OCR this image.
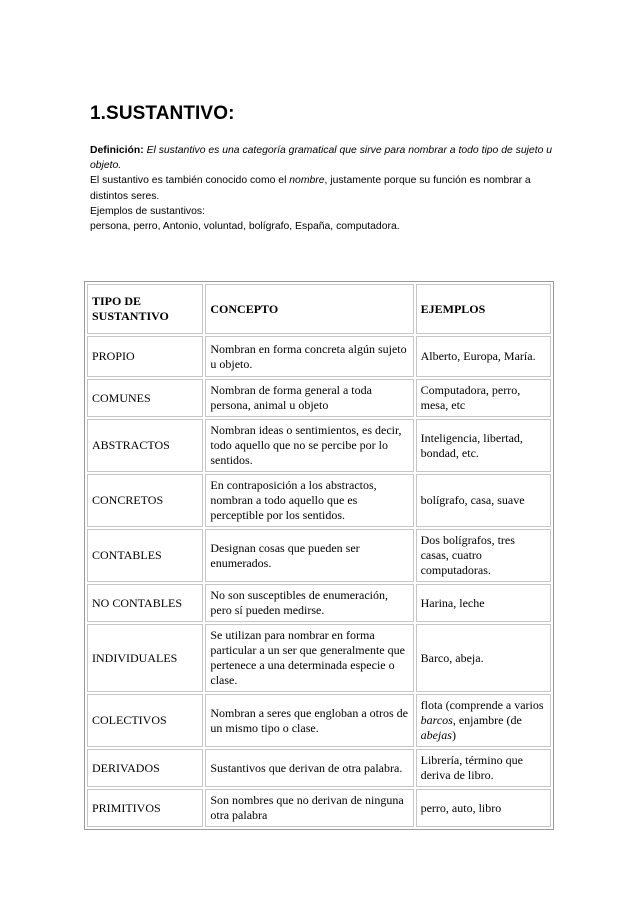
1.SUSTANTIVO:

Definición: El sustantivo es una categoría gramatical que sirve para nombrar a todo tipo de sujeto u objeto.

El sustantivo es también conocido como el nombre, justamente porque su función es nombrar a distintos seres.

Ejemplos de sustantivos:

persona, perro, Antonio, voluntad, bolígrafo, España, computadora.

TIPO DE SUSTANTIVO	CONCEPTO	EJEMPLOS
PROPIO	Nombran en forma concreta algún sujeto u objeto.	Alberto, Europa, María.
COMUNES	Nombran de forma general a toda persona, animal u objeto	Computadora, perro, mesa, etc
ABSTRACTOS	Nombran ideas o sentimientos, es decir, todo aquello que no se percibe por lo sentidos.	Inteligencia, libertad, bondad, etc.
CONCRETOS	En contraposición a los abstractos, nombran a todo aquello que es perceptible por los sentidos.	bolígrafo, casa, suave
CONTABLES	Designan cosas que pueden ser enumerados.	Dos bolígrafos, tres casas, cuatro computadoras.
NO CONTABLES	No son susceptibles de enumeración, pero sí pueden medirse.	Harina, leche
INDIVIDUALES	Se utilizan para nombrar en forma particular a un ser que generalmente que pertenece a una determinada especie o clase.	Barco, abeja.
COLECTIVOS	Nombran a seres que engloban a otros de un mismo tipo o clase.	flota (comprende a varios barcos, enjambre (de abejas)
DERIVADOS	Sustantivos que derivan de otra palabra.	Librería, término que deriva de libro.
PRIMITIVOS	Son nombres que no derivan de ninguna otra palabra	perro, auto, libro
